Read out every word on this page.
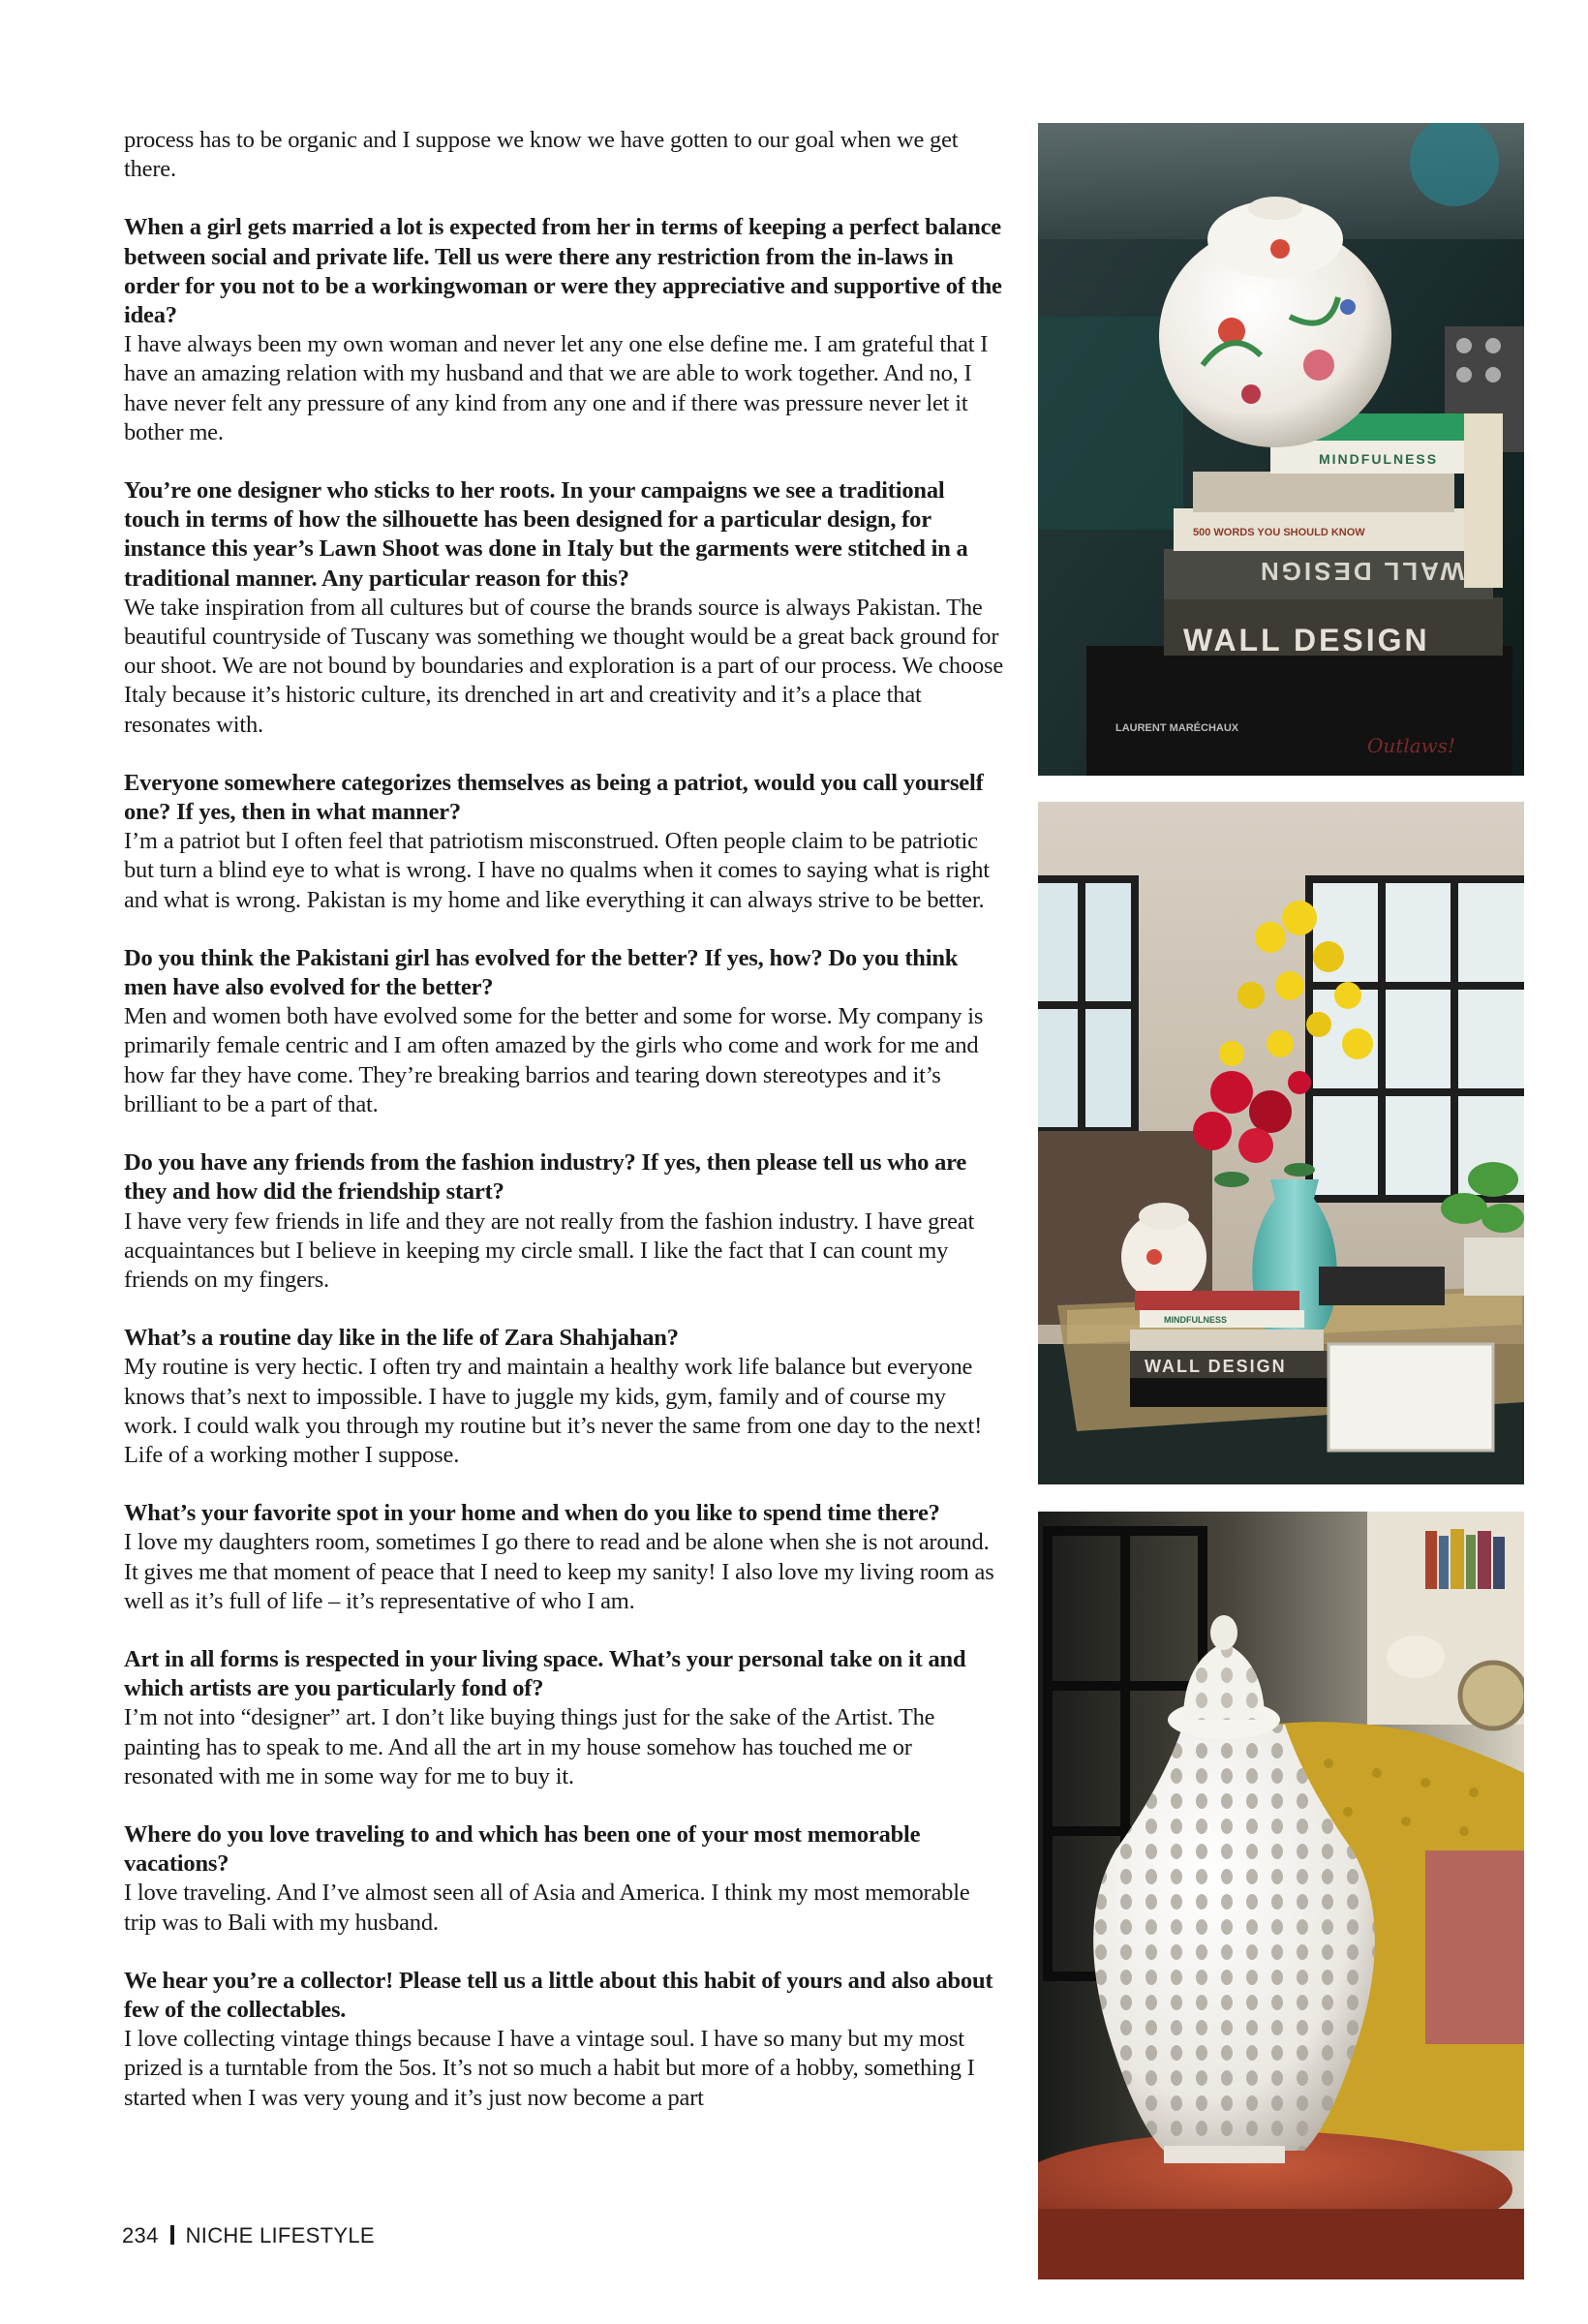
process has to be organic and I suppose we know we have gotten to our goal when we get there.

When a girl gets married a lot is expected from her in terms of keeping a perfect balance between social and private life. Tell us were there any restriction from the in-laws in order for you not to be a workingwoman or were they appreciative and supportive of the idea?

I have always been my own woman and never let any one else define me. I am grateful that I have an amazing relation with my husband and that we are able to work together. And no, I have never felt any pressure of any kind from any one and if there was pressure never let it bother me.

You’re one designer who sticks to her roots. In your campaigns we see a traditional touch in terms of how the silhouette has been designed for a particular design, for instance this year’s Lawn Shoot was done in Italy but the garments were stitched in a traditional manner. Any particular reason for this?

We take inspiration from all cultures but of course the brands source is always Pakistan. The beautiful countryside of Tuscany was something we thought would be a great back ground for our shoot. We are not bound by boundaries and exploration is a part of our process. We choose Italy because it’s historic culture, its drenched in art and creativity and it’s a place that resonates with.

Everyone somewhere categorizes themselves as being a patriot, would you call yourself one? If yes, then in what manner?

I’m a patriot but I often feel that patriotism misconstrued. Often people claim to be patriotic but turn a blind eye to what is wrong. I have no qualms when it comes to saying what is right and what is wrong. Pakistan is my home and like everything it can always strive to be better.

Do you think the Pakistani girl has evolved for the better? If yes, how? Do you think men have also evolved for the better?

Men and women both have evolved some for the better and some for worse. My company is primarily female centric and I am often amazed by the girls who come and work for me and how far they have come. They’re breaking barrios and tearing down stereotypes and it’s brilliant to be a part of that.

Do you have any friends from the fashion industry? If yes, then please tell us who are they and how did the friendship start?

I have very few friends in life and they are not really from the fashion industry. I have great acquaintances but I believe in keeping my circle small. I like the fact that I can count my friends on my fingers.

What’s a routine day like in the life of Zara Shahjahan?

My routine is very hectic. I often try and maintain a healthy work life balance but everyone knows that’s next to impossible. I have to juggle my kids, gym, family and of course my work. I could walk you through my routine but it’s never the same from one day to the next! Life of a working mother I suppose.

What’s your favorite spot in your home and when do you like to spend time there?

I love my daughters room, sometimes I go there to read and be alone when she is not around. It gives me that moment of peace that I need to keep my sanity! I also love my living room as well as it’s full of life – it’s representative of who I am.

Art in all forms is respected in your living space. What’s your personal take on it and which artists are you particularly fond of?

I’m not into “designer” art. I don’t like buying things just for the sake of the Artist. The painting has to speak to me. And all the art in my house somehow has touched me or resonated with me in some way for me to buy it.

Where do you love traveling to and which has been one of your most memorable vacations?

I love traveling. And I’ve almost seen all of Asia and America. I think my most memorable trip was to Bali with my husband.

We hear you’re a collector! Please tell us a little about this habit of yours and also about few of the collectables.

I love collecting vintage things because I have a vintage soul. I have so many but my most prized is a turntable from the 5os. It’s not so much a habit but more of a hobby, something I started when I was very young and it’s just now become a part

234 NICHE LIFESTYLE
LAURENT MARÉCHAUX
Outlaws!
WALL DESIGN
WALL DESIGN
500 WORDS YOU SHOULD KNOW
MINDFULNESS
MINDFULNESS
WALL DESIGN
